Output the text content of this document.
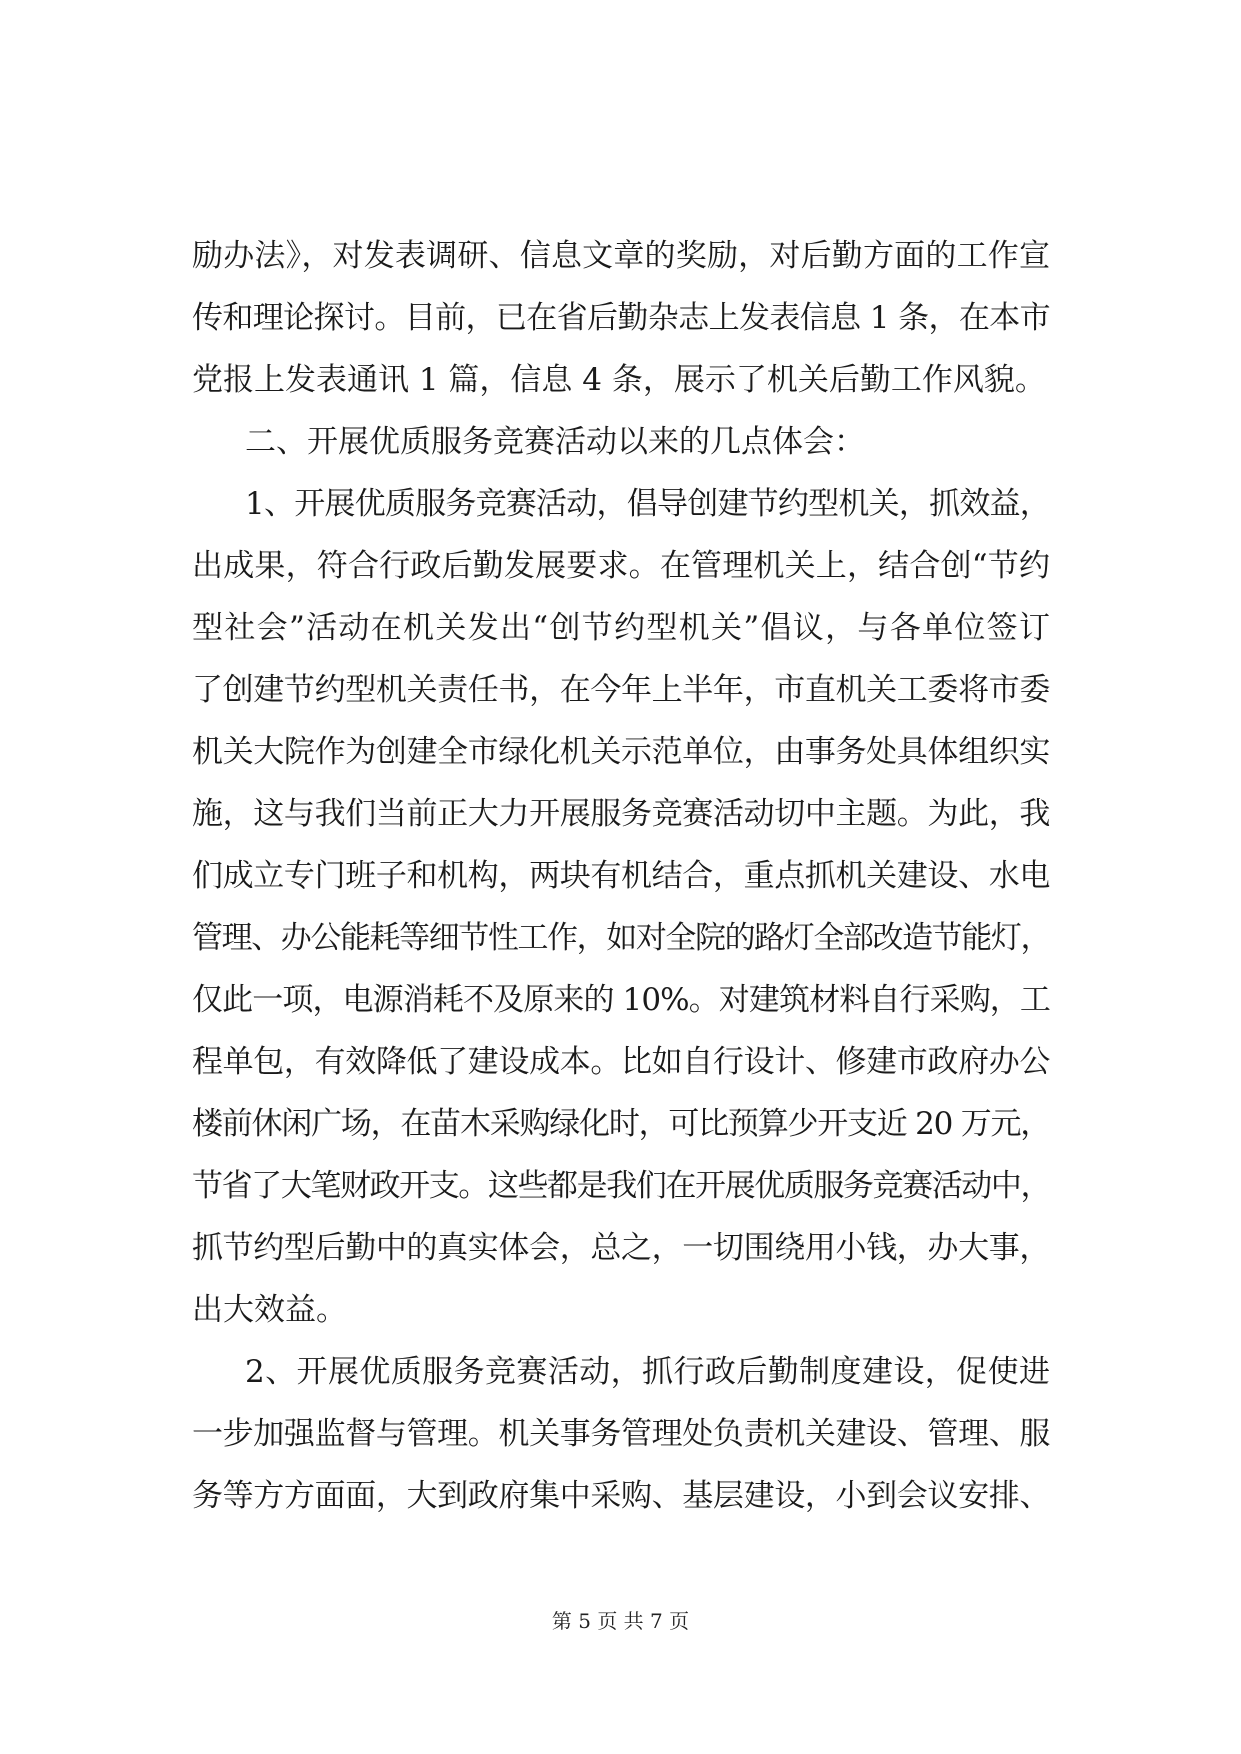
励办法》，对发表调研、信息文章的奖励，对后勤方面的工作宣
传和理论探讨。目前，已在省后勤杂志上发表信息 1 条，在本市
党报上发表通讯 1 篇，信息 4 条，展示了机关后勤工作风貌。
二、开展优质服务竞赛活动以来的几点体会：
1、开展优质服务竞赛活动，倡导创建节约型机关，抓效益，
出成果，符合行政后勤发展要求。在管理机关上，结合创“节约
型社会”活动在机关发出“创节约型机关”倡议，与各单位签订
了创建节约型机关责任书，在今年上半年，市直机关工委将市委
机关大院作为创建全市绿化机关示范单位，由事务处具体组织实
施，这与我们当前正大力开展服务竞赛活动切中主题。为此，我
们成立专门班子和机构，两块有机结合，重点抓机关建设、水电
管理、办公能耗等细节性工作，如对全院的路灯全部改造节能灯，
仅此一项，电源消耗不及原来的 10%。对建筑材料自行采购，工
程单包，有效降低了建设成本。比如自行设计、修建市政府办公
楼前休闲广场，在苗木采购绿化时，可比预算少开支近 20 万元，
节省了大笔财政开支。这些都是我们在开展优质服务竞赛活动中，
抓节约型后勤中的真实体会，总之，一切围绕用小钱，办大事，
出大效益。
2、开展优质服务竞赛活动，抓行政后勤制度建设，促使进
一步加强监督与管理。机关事务管理处负责机关建设、管理、服
务等方方面面，大到政府集中采购、基层建设，小到会议安排、
第 5 页 共 7 页
